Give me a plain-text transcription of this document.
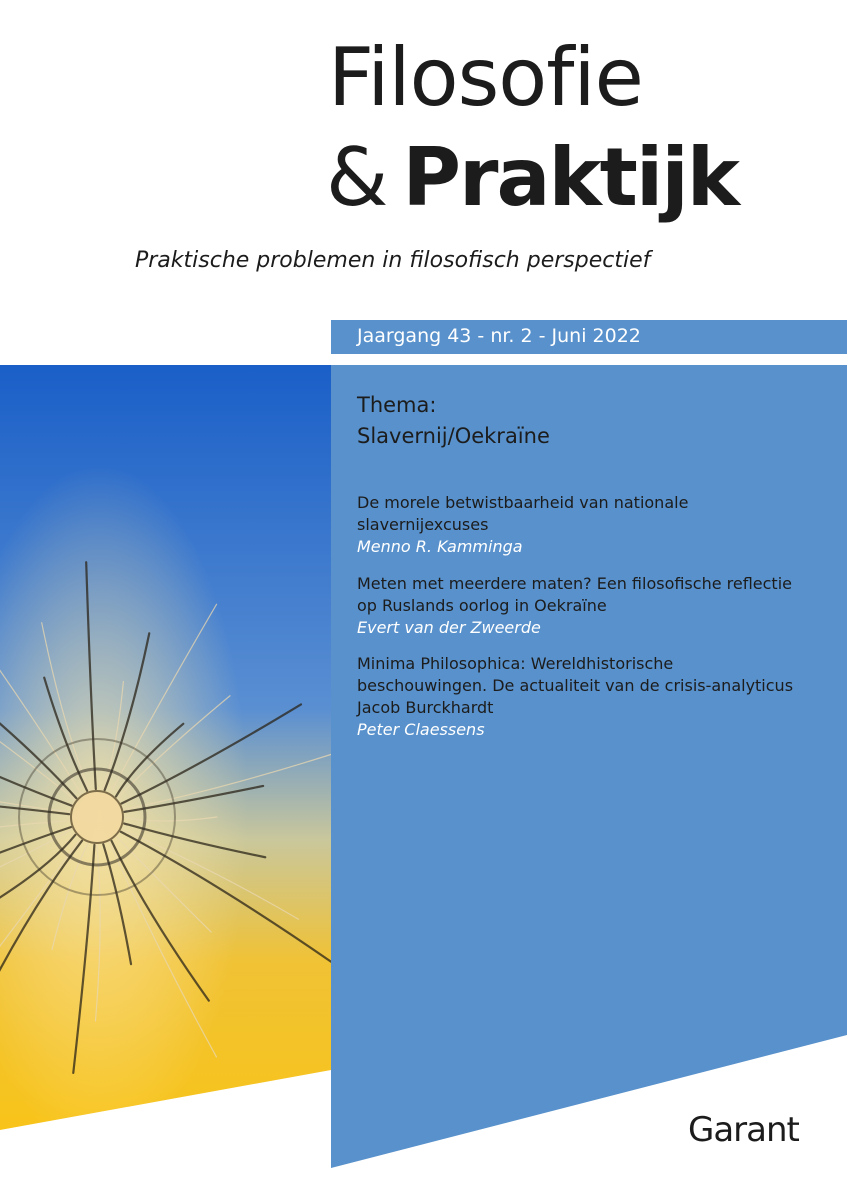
Filosofie
& Praktijk
Praktische problemen in filosofisch perspectief
Jaargang 43 - nr. 2 - Juni 2022
Thema:
Slavernij/Oekraïne
De morele betwistbaarheid van nationale
slavernijexcuses
Menno R. Kamminga
Meten met meerdere maten? Een filosofische reflectie
op Ruslands oorlog in Oekraïne
Evert van der Zweerde
Minima Philosophica: Wereldhistorische
beschouwingen. De actualiteit van de crisis-analyticus
Jacob Burckhardt
Peter Claessens
Garant
